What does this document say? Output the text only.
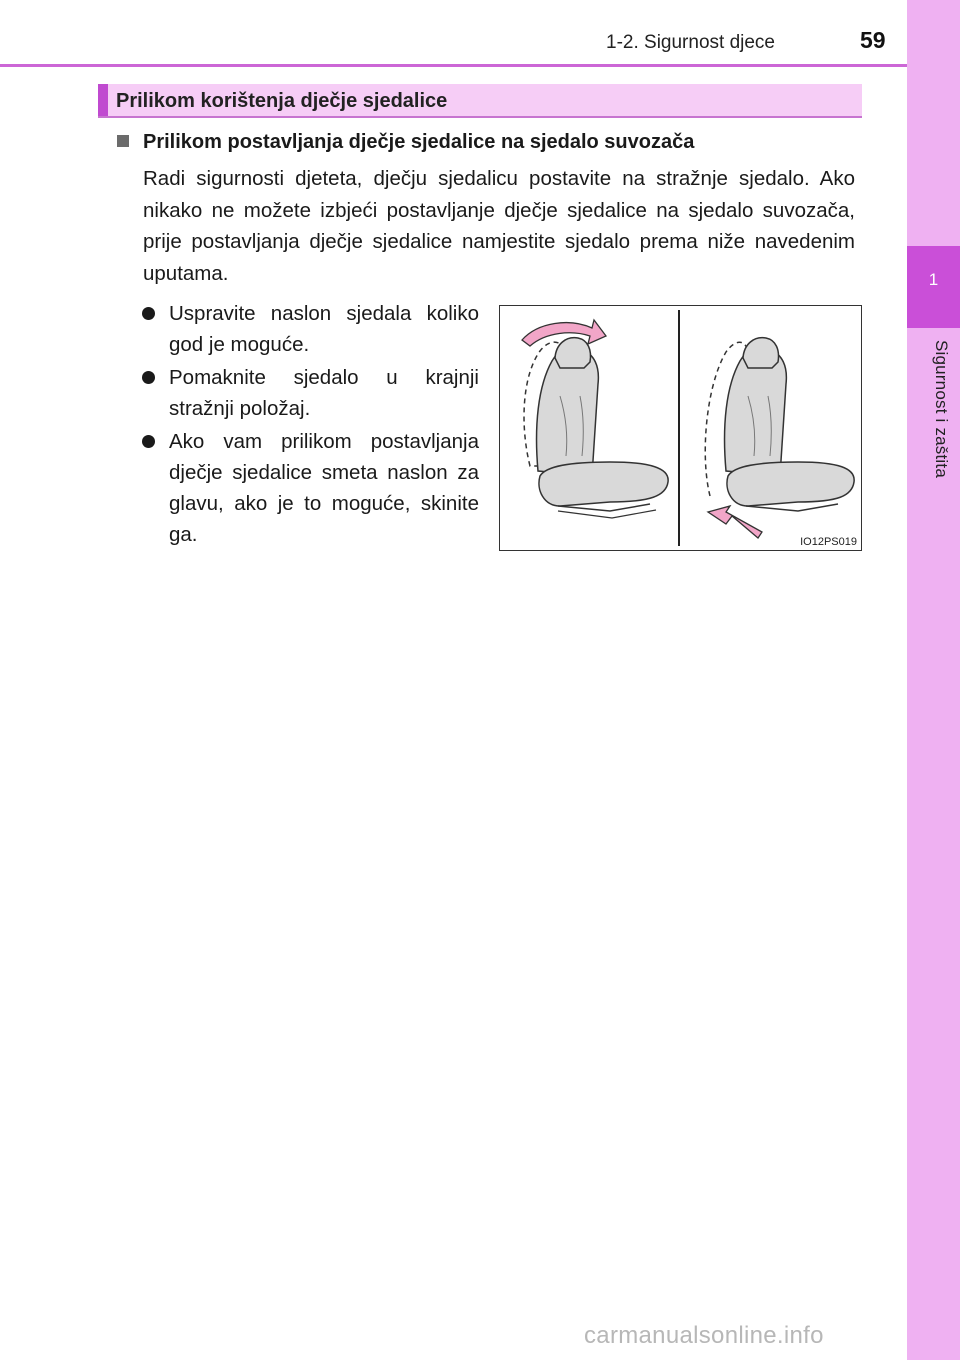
1
Sigurnost i zaštita
1-2. Sigurnost djece	59
Prilikom korištenja dječje sjedalice
Prilikom postavljanja dječje sjedalice na sjedalo suvozača
Radi sigurnosti djeteta, dječju sjedalicu postavite na stražnje sjedalo. Ako nikako ne možete izbjeći postavljanje dječje sjedalice na sjedalo suvozača, prije postavljanja dječje sjedalice namjestite sjedalo prema niže navedenim uputama.
Uspravite naslon sjedala koliko god je moguće.
Pomaknite sjedalo u krajnji stražnji položaj.
Ako vam prilikom postavljanja dječje sjedalice smeta naslon za glavu, ako je to moguće, skinite ga.	IO12PS019
carmanualsonline.info
